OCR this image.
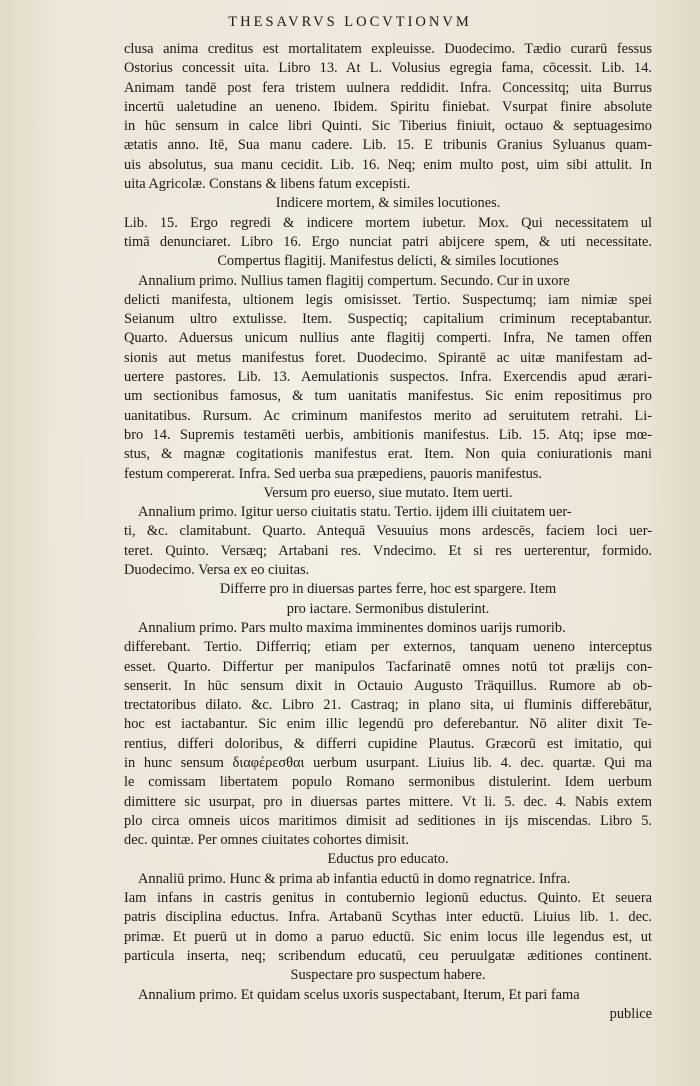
THESAVRVS LOCVTIONVM
clusa anima creditus est mortalitatem expleuisse. Duodecimo. Tædio curarū fessus
Ostorius concessit uita. Libro 13. At L. Volusius egregia fama, cōcessit. Lib. 14.
Animam tandē post fera tristem uulnera reddidit. Infra. Concessitq; uita Burrus
incertū ualetudine an ueneno. Ibidem. Spiritu finiebat. Vsurpat finire absolute
in hūc sensum in calce libri Quinti. Sic Tiberius finiuit, octauo & septuagesimo
ætatis anno. Itē, Sua manu cadere. Lib. 15. E tribunis Granius Syluanus quam-
uis absolutus, sua manu cecidit. Lib. 16. Neq; enim multo post, uim sibi attulit. In
uita Agricolæ. Constans & libens fatum excepisti.
Indicere mortem, & similes locutiones.
Lib. 15. Ergo regredi & indicere mortem iubetur. Mox. Qui necessitatem ul
timā denunciaret. Libro 16. Ergo nunciat patri abijcere spem, & uti necessitate.
Compertus flagitij. Manifestus delicti, & similes locutiones
Annalium primo. Nullius tamen flagitij compertum. Secundo. Cur in uxore
delicti manifesta, ultionem legis omisisset. Tertio. Suspectumq; iam nimiæ spei
Seianum ultro extulisse. Item. Suspectiq; capitalium criminum receptabantur.
Quarto. Aduersus unicum nullius ante flagitij comperti. Infra, Ne tamen offen
sionis aut metus manifestus foret. Duodecimo. Spirantē ac uitæ manifestam ad-
uertere pastores. Lib. 13. Aemulationis suspectos. Infra. Exercendis apud ærari-
um sectionibus famosus, & tum uanitatis manifestus. Sic enim repositimus pro
uanitatibus. Rursum. Ac criminum manifestos merito ad seruitutem retrahi. Li-
bro 14. Supremis testamēti uerbis, ambitionis manifestus. Lib. 15. Atq; ipse mœ-
stus, & magnæ cogitationis manifestus erat. Item. Non quia coniurationis mani
festum compererat. Infra. Sed uerba sua præpediens, pauoris manifestus.
Versum pro euerso, siue mutato. Item uerti.
Annalium primo. Igitur uerso ciuitatis statu. Tertio. ijdem illi ciuitatem uer-
ti, &c. clamitabunt. Quarto. Antequā Vesuuius mons ardescēs, faciem loci uer-
teret. Quinto. Versæq; Artabani res. Vndecimo. Et si res uerterentur, formido.
Duodecimo. Versa ex eo ciuitas.
Differre pro in diuersas partes ferre, hoc est spargere. Item
pro iactare. Sermonibus distulerint.
Annalium primo. Pars multo maxima imminentes dominos uarijs rumorib.
differebant. Tertio. Differriq; etiam per externos, tanquam ueneno interceptus
esset. Quarto. Differtur per manipulos Tacfarinatē omnes notū tot prælijs con-
senserit. In hūc sensum dixit in Octauio Augusto Trāquillus. Rumore ab ob-
trectatoribus dilato. &c. Libro 21. Castraq; in plano sita, ui fluminis differebātur,
hoc est iactabantur. Sic enim illic legendū pro deferebantur. Nō aliter dixit Te-
rentius, differi doloribus, & differri cupidine Plautus. Græcorū est imitatio, qui
in hunc sensum διαφέρεσθαι uerbum usurpant. Liuius lib. 4. dec. quartæ. Qui ma
le comissam libertatem populo Romano sermonibus distulerint. Idem uerbum
dimittere sic usurpat, pro in diuersas partes mittere. Vt li. 5. dec. 4. Nabis extem
plo circa omneis uicos maritimos dimisit ad seditiones in ijs miscendas. Libro 5.
dec. quintæ. Per omnes ciuitates cohortes dimisit.
Eductus pro educato.
Annaliū primo. Hunc & prima ab infantia eductū in domo regnatrice. Infra.
Iam infans in castris genitus in contubernio legionū eductus. Quinto. Et seuera
patris disciplina eductus. Infra. Artabanū Scythas inter eductū. Liuius lib. 1. dec.
primæ. Et puerū ut in domo a paruo eductū. Sic enim locus ille legendus est, ut
particula inserta, neq; scribendum educatū, ceu peruulgatæ æditiones continent.
Suspectare pro suspectum habere.
Annalium primo. Et quidam scelus uxoris suspectabant, Iterum, Et pari fama
publice
